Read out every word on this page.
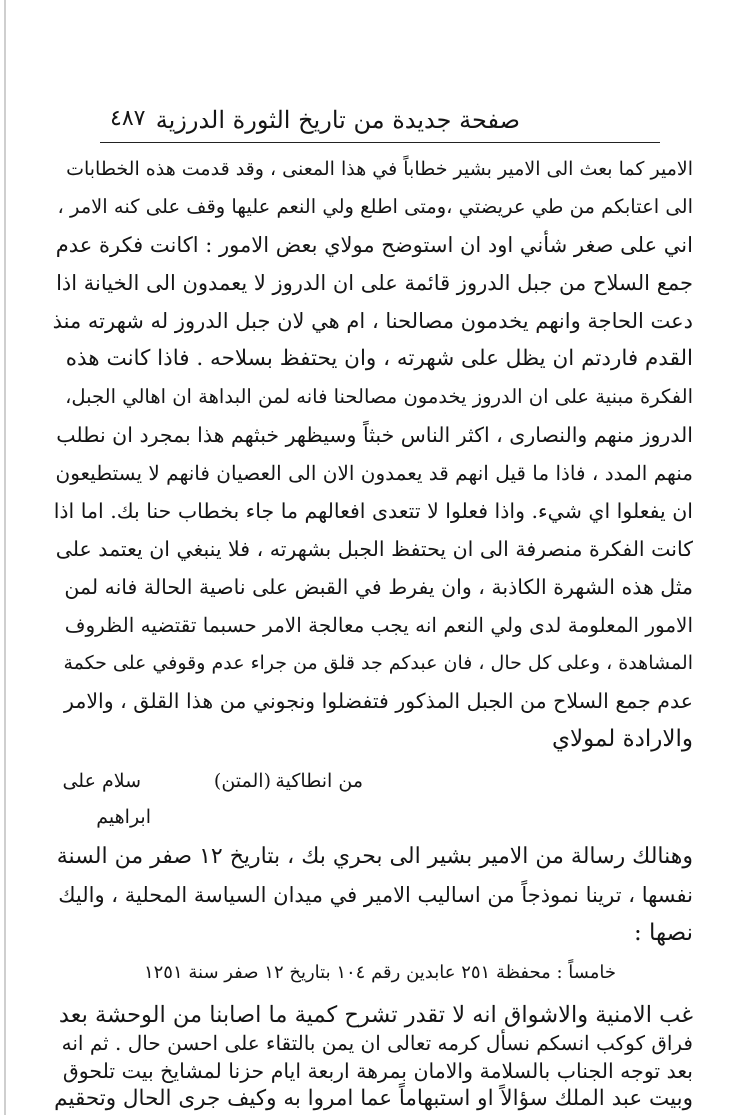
صفحة جديدة من تاريخ الثورة الدرزية
٤٨٧
الامير كما بعث الى الامير بشير خطاباً في هذا المعنى ، وقد قدمت هذه الخطابات
الى اعتابكم من طي عريضتي ،ومتى اطلع ولي النعم عليها وقف على كنه الامر ،
اني على صغر شأني اود ان استوضح مولاي بعض الامور : اكانت فكرة عدم
جمع السلاح من جبل الدروز قائمة على ان الدروز لا يعمدون الى الخيانة اذا
دعت الحاجة وانهم يخدمون مصالحنا ، ام هي لان جبل الدروز له شهرته منذ
القدم فاردتم ان يظل على شهرته ، وان يحتفظ بسلاحه . فاذا كانت هذه
الفكرة مبنية على ان الدروز يخدمون مصالحنا فانه لمن البداهة ان اهالي الجبل،
الدروز منهم والنصارى ، اكثر الناس خبثاً وسيظهر خبثهم هذا بمجرد ان نطلب
منهم المدد ، فاذا ما قيل انهم قد يعمدون الان الى العصيان فانهم لا يستطيعون
ان يفعلوا اي شيء. واذا فعلوا لا تتعدى افعالهم ما جاء بخطاب حنا بك. اما اذا
كانت الفكرة منصرفة الى ان يحتفظ الجبل بشهرته ، فلا ينبغي ان يعتمد على
مثل هذه الشهرة الكاذبة ، وان يفرط في القبض على ناصية الحالة فانه لمن
الامور المعلومة لدى ولي النعم انه يجب معالجة الامر حسبما تقتضيه الظروف
المشاهدة ، وعلى كل حال ، فان عبدكم جد قلق من جراء عدم وقوفي على حكمة
عدم جمع السلاح من الجبل المذكور فتفضلوا ونجوني من هذا القلق ، والامر
والارادة لمولاي
سلام على	(المتن) من انطاكية
ابراهيم
وهنالك رسالة من الامير بشير الى بحري بك ، بتاريخ ١٢ صفر من السنة
نفسها ، ترينا نموذجاً من اساليب الامير في ميدان السياسة المحلية ، واليك
نصها :
خامساً : محفظة ٢٥١ عابدين رقم ١٠٤ بتاريخ ١٢ صفر سنة ١٢٥١
غب الامنية والاشواق انه لا تقدر تشرح كمية ما اصابنا من الوحشة بعد
فراق كوكب انسكم نسأل كرمه تعالى ان يمن بالتقاء على احسن حال . ثم انه
بعد توجه الجناب بالسلامة والامان بمرهة اربعة ايام حزنا لمشايخ بيت تلحوق
وبيت عبد الملك سؤالاً او استبهاماً عما امروا به وكيف جرى الحال وتحقيم
